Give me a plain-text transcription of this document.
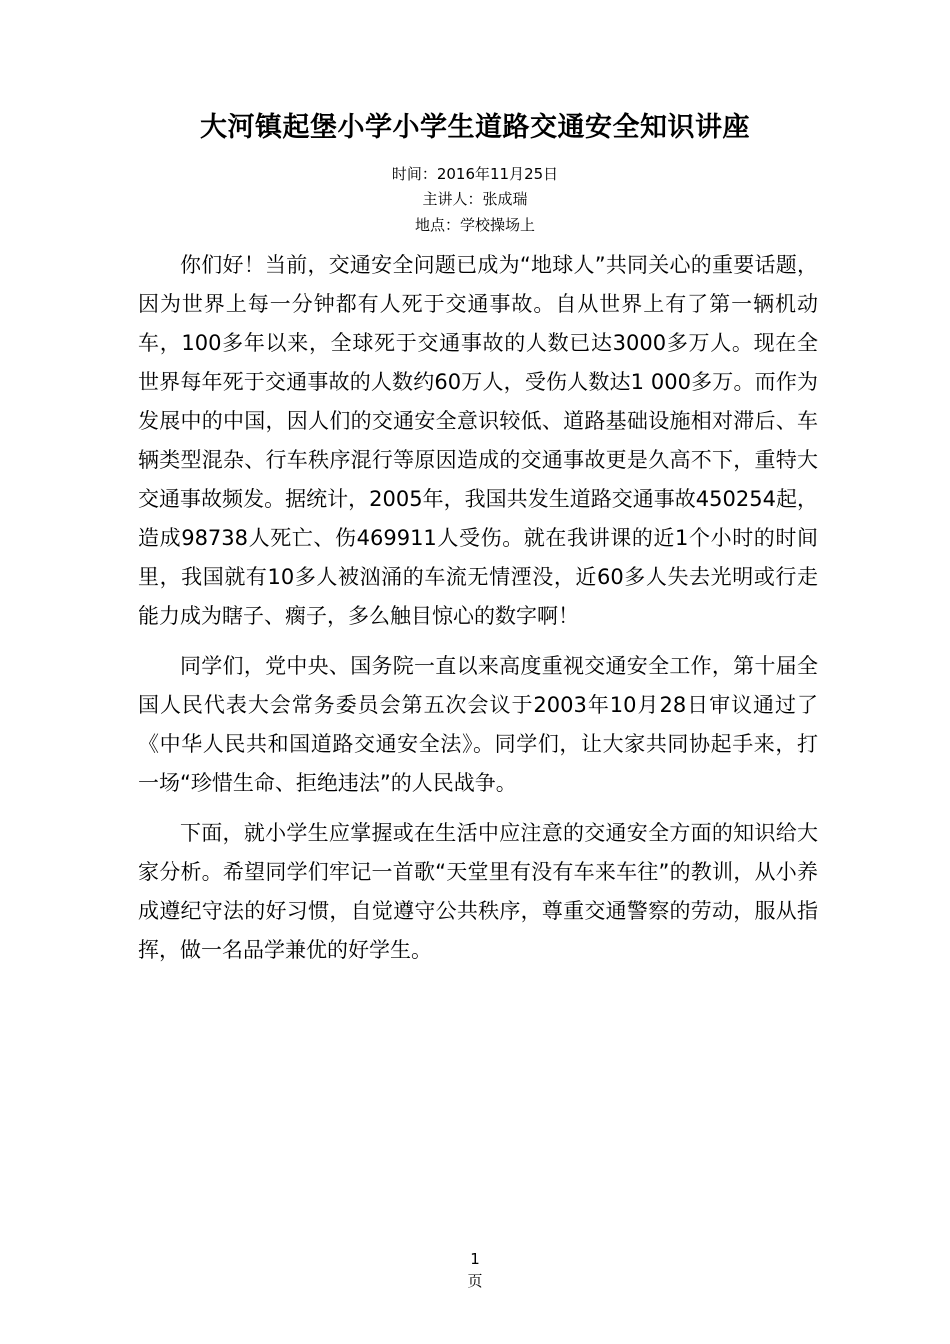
大河镇起堡小学小学生道路交通安全知识讲座
时间：2016年11月25日
主讲人：张成瑞
地点：学校操场上

你们好！当前，交通安全问题已成为“地球人”共同关心的重要话题，因为世界上每一分钟都有人死于交通事故。自从世界上有了第一辆机动车，100多年以来，全球死于交通事故的人数已达3000多万人。现在全世界每年死于交通事故的人数约60万人，受伤人数达1 000多万。而作为发展中的中国，因人们的交通安全意识较低、道路基础设施相对滞后、车辆类型混杂、行车秩序混行等原因造成的交通事故更是久高不下，重特大交通事故频发。据统计，2005年，我国共发生道路交通事故450254起，造成98738人死亡、伤469911人受伤。就在我讲课的近1个小时的时间里，我国就有10多人被汹涌的车流无情湮没，近60多人失去光明或行走能力成为瞎子、瘸子，多么触目惊心的数字啊！

同学们，党中央、国务院一直以来高度重视交通安全工作，第十届全国人民代表大会常务委员会第五次会议于2003年10月28日审议通过了《中华人民共和国道路交通安全法》。同学们，让大家共同协起手来，打一场“珍惜生命、拒绝违法”的人民战争。

下面，就小学生应掌握或在生活中应注意的交通安全方面的知识给大家分析。希望同学们牢记一首歌“天堂里有没有车来车往”的教训，从小养成遵纪守法的好习惯，自觉遵守公共秩序，尊重交通警察的劳动，服从指挥，做一名品学兼优的好学生。

1
页
